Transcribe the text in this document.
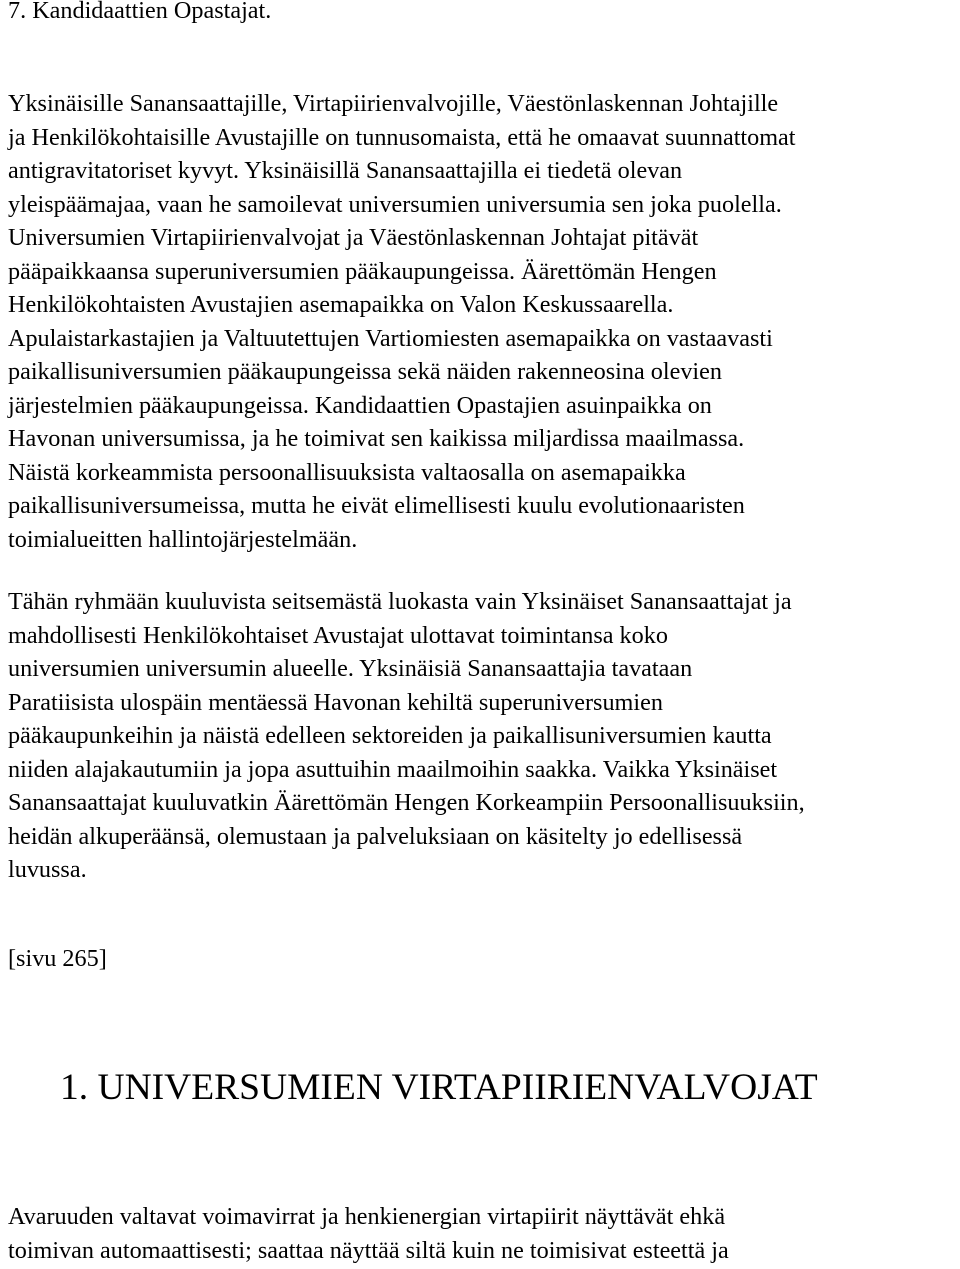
7. Kandidaattien Opastajat.

Yksinäisille Sanansaattajille, Virtapiirienvalvojille, Väestönlaskennan Johtajille
ja Henkilökohtaisille Avustajille on tunnusomaista, että he omaavat suunnattomat
antigravitatoriset kyvyt. Yksinäisillä Sanansaattajilla ei tiedetä olevan
yleispäämajaa, vaan he samoilevat universumien universumia sen joka puolella.
Universumien Virtapiirienvalvojat ja Väestönlaskennan Johtajat pitävät
pääpaikkaansa superuniversumien pääkaupungeissa. Äärettömän Hengen
Henkilökohtaisten Avustajien asemapaikka on Valon Keskussaarella.
Apulaistarkastajien ja Valtuutettujen Vartiomiesten asemapaikka on vastaavasti
paikallisuniversumien pääkaupungeissa sekä näiden rakenneosina olevien
järjestelmien pääkaupungeissa. Kandidaattien Opastajien asuinpaikka on
Havonan universumissa, ja he toimivat sen kaikissa miljardissa maailmassa.
Näistä korkeammista persoonallisuuksista valtaosalla on asemapaikka
paikallisuniversumeissa, mutta he eivät elimellisesti kuulu evolutionaaristen
toimialueitten hallintojärjestelmään.

Tähän ryhmään kuuluvista seitsemästä luokasta vain Yksinäiset Sanansaattajat ja
mahdollisesti Henkilökohtaiset Avustajat ulottavat toimintansa koko
universumien universumin alueelle. Yksinäisiä Sanansaattajia tavataan
Paratiisista ulospäin mentäessä Havonan kehiltä superuniversumien
pääkaupunkeihin ja näistä edelleen sektoreiden ja paikallisuniversumien kautta
niiden alajakautumiin ja jopa asuttuihin maailmoihin saakka. Vaikka Yksinäiset
Sanansaattajat kuuluvatkin Äärettömän Hengen Korkeampiin Persoonallisuuksiin,
heidän alkuperäänsä, olemustaan ja palveluksiaan on käsitelty jo edellisessä
luvussa.

[sivu 265]

1. UNIVERSUMIEN VIRTAPIIRIENVALVOJAT

Avaruuden valtavat voimavirrat ja henkienergian virtapiirit näyttävät ehkä
toimivan automaattisesti; saattaa näyttää siltä kuin ne toimisivat esteettä ja
